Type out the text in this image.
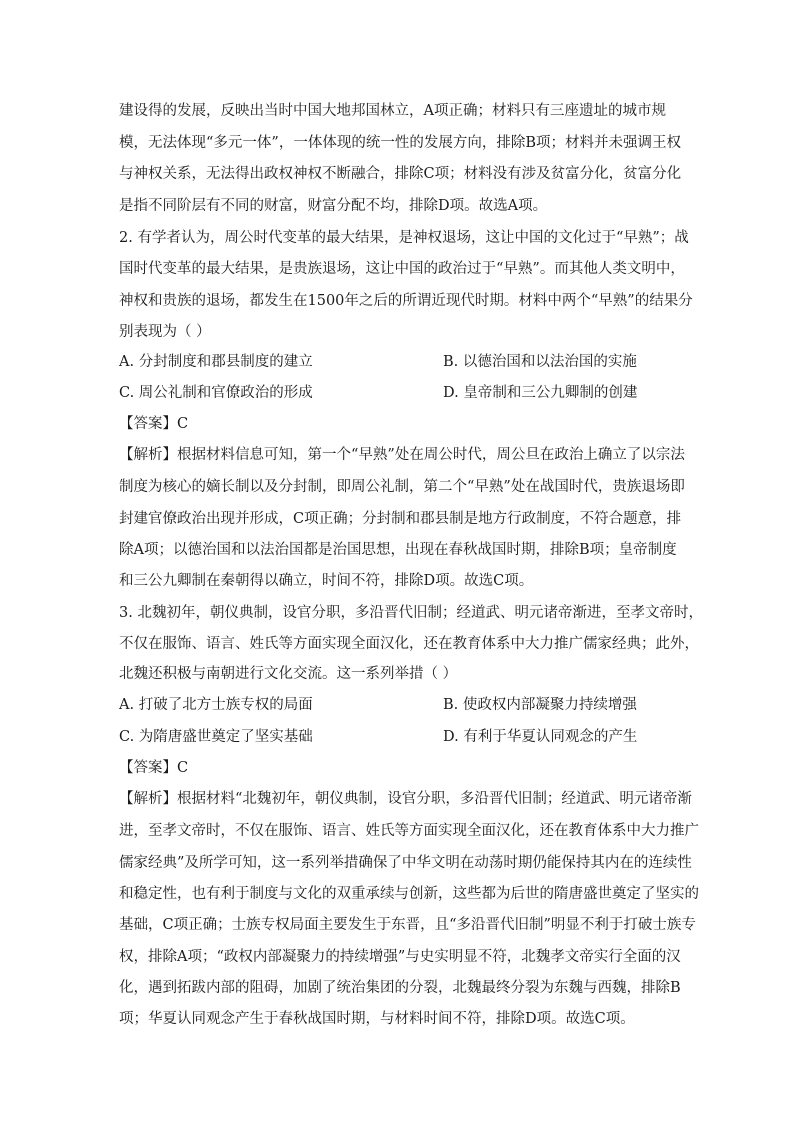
建设得的发展，反映出当时中国大地邦国林立，A项正确；材料只有三座遗址的城市规
模，无法体现“多元一体”，一体体现的统一性的发展方向，排除B项；材料并未强调王权
与神权关系，无法得出政权神权不断融合，排除C项；材料没有涉及贫富分化，贫富分化
是指不同阶层有不同的财富，财富分配不均，排除D项。故选A项。
2. 有学者认为，周公时代变革的最大结果，是神权退场，这让中国的文化过于“早熟”；战
国时代变革的最大结果，是贵族退场，这让中国的政治过于“早熟”。而其他人类文明中，
神权和贵族的退场，都发生在1500年之后的所谓近现代时期。材料中两个“早熟”的结果分
别表现为（ ）
A. 分封制度和郡县制度的建立	B. 以德治国和以法治国的实施
C. 周公礼制和官僚政治的形成	D. 皇帝制和三公九卿制的创建
【答案】C
【解析】根据材料信息可知，第一个“早熟”处在周公时代，周公旦在政治上确立了以宗法
制度为核心的嫡长制以及分封制，即周公礼制，第二个“早熟”处在战国时代，贵族退场即
封建官僚政治出现并形成，C项正确；分封制和郡县制是地方行政制度，不符合题意，排
除A项；以德治国和以法治国都是治国思想，出现在春秋战国时期，排除B项；皇帝制度
和三公九卿制在秦朝得以确立，时间不符，排除D项。故选C项。
3. 北魏初年，朝仪典制，设官分职，多沿晋代旧制；经道武、明元诸帝渐进，至孝文帝时，
不仅在服饰、语言、姓氏等方面实现全面汉化，还在教育体系中大力推广儒家经典；此外，
北魏还积极与南朝进行文化交流。这一系列举措（ ）
A. 打破了北方士族专权的局面	B. 使政权内部凝聚力持续增强
C. 为隋唐盛世奠定了坚实基础	D. 有利于华夏认同观念的产生
【答案】C
【解析】根据材料“北魏初年，朝仪典制，设官分职，多沿晋代旧制；经道武、明元诸帝渐
进，至孝文帝时，不仅在服饰、语言、姓氏等方面实现全面汉化，还在教育体系中大力推广
儒家经典”及所学可知，这一系列举措确保了中华文明在动荡时期仍能保持其内在的连续性
和稳定性，也有利于制度与文化的双重承续与创新，这些都为后世的隋唐盛世奠定了坚实的
基础，C项正确；士族专权局面主要发生于东晋，且“多沿晋代旧制”明显不利于打破士族专
权，排除A项；“政权内部凝聚力的持续增强”与史实明显不符，北魏孝文帝实行全面的汉
化，遇到拓跋内部的阻碍，加剧了统治集团的分裂，北魏最终分裂为东魏与西魏，排除B
项；华夏认同观念产生于春秋战国时期，与材料时间不符，排除D项。故选C项。
